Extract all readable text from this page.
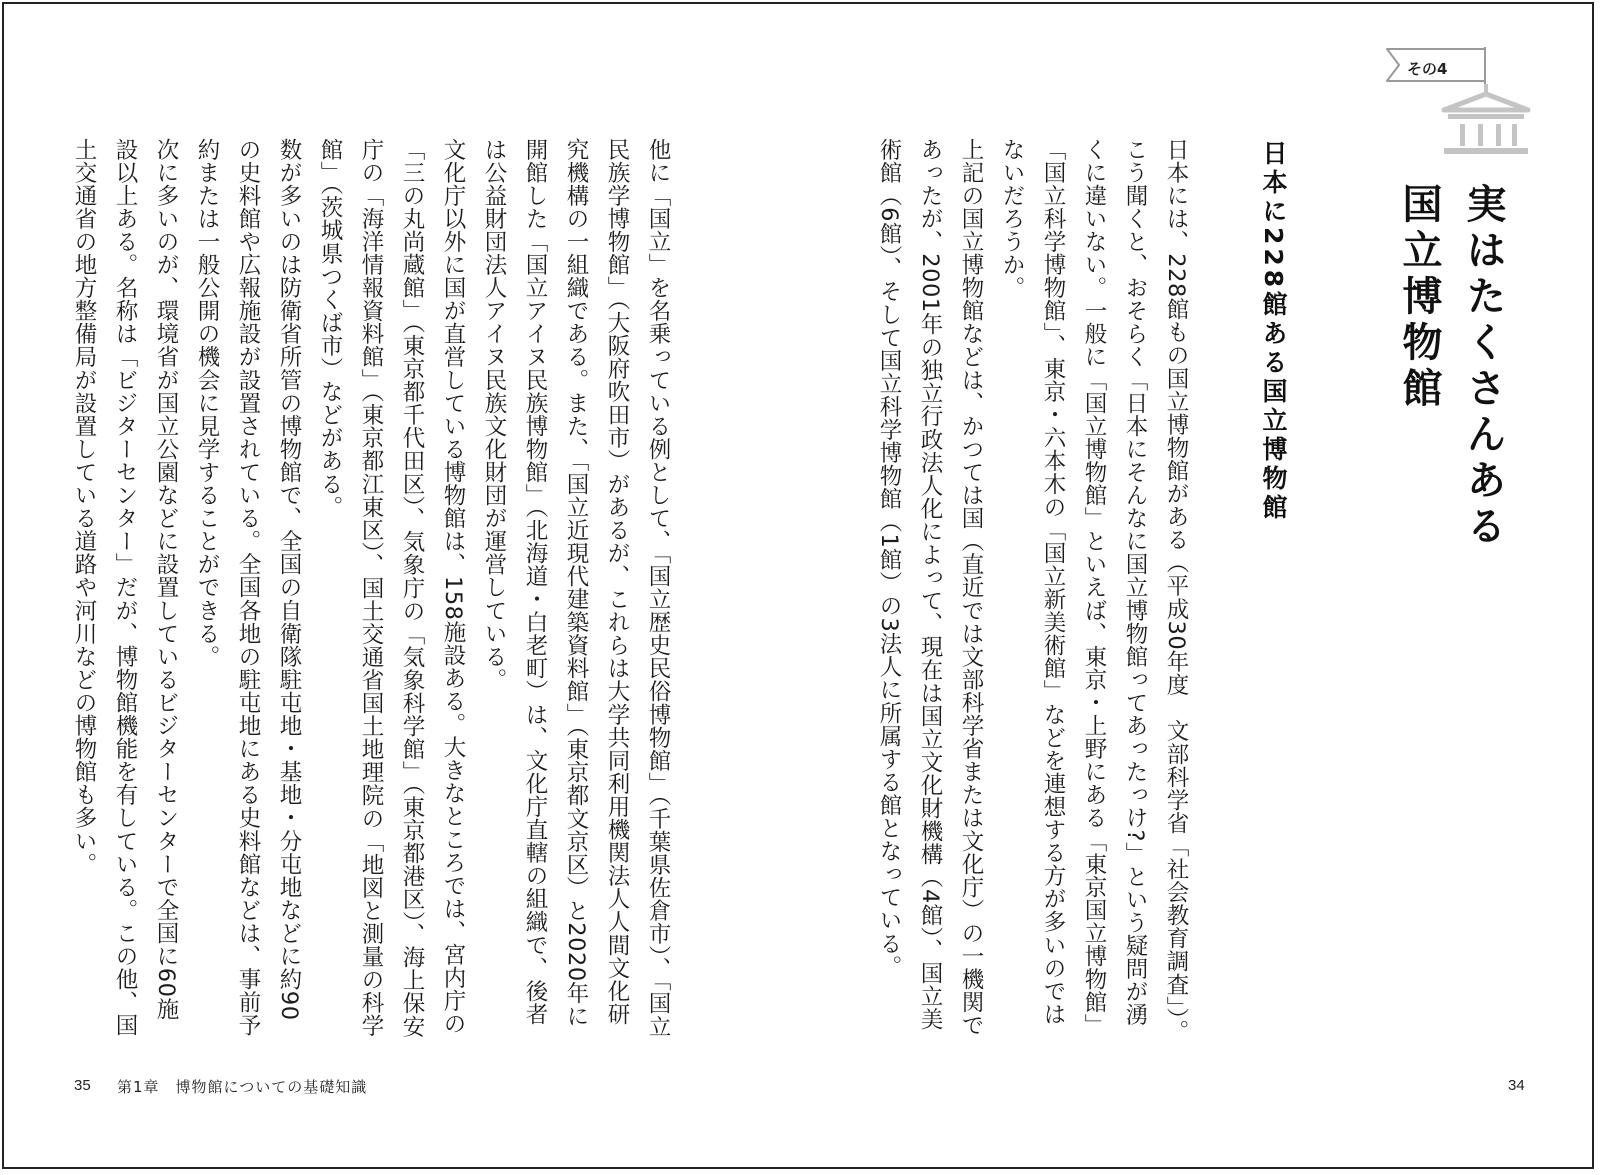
その4
実はたくさんある
国立博物館
日本に228館ある国立博物館
日本には、228館もの国立博物館がある（平成30年度　文部科学省「社会教育調査」）。こう聞くと、おそらく「日本にそんなに国立博物館ってあったっけ?」という疑問が湧くに違いない。一般に「国立博物館」といえば、東京・上野にある「東京国立博物館」「国立科学博物館」、東京・六本木の「国立新美術館」などを連想する方が多いのではないだろうか。
上記の国立博物館などは、かつては国（直近では文部科学省または文化庁）の一機関であったが、2001年の独立行政法人化によって、現在は国立文化財機構（4館）、国立美術館（6館）、そして国立科学博物館（1館）の3法人に所属する館となっている。
他に「国立」を名乗っている例として、「国立歴史民俗博物館」（千葉県佐倉市）、「国立民族学博物館」（大阪府吹田市）があるが、これらは大学共同利用機関法人人間文化研究機構の一組織である。また、「国立近現代建築資料館」（東京都文京区）と2020年に開館した「国立アイヌ民族博物館」（北海道・白老町）は、文化庁直轄の組織で、後者は公益財団法人アイヌ民族文化財団が運営している。
文化庁以外に国が直営している博物館は、158施設ある。大きなところでは、宮内庁の「三の丸尚蔵館」（東京都千代田区）、気象庁の「気象科学館」（東京都港区）、海上保安庁の「海洋情報資料館」（東京都江東区）、国土交通省国土地理院の「地図と測量の科学館」（茨城県つくば市）などがある。
数が多いのは防衛省所管の博物館で、全国の自衛隊駐屯地・基地・分屯地などに約90の史料館や広報施設が設置されている。全国各地の駐屯地にある史料館などは、事前予約または一般公開の機会に見学することができる。
次に多いのが、環境省が国立公園などに設置しているビジターセンターで全国に60施設以上ある。名称は「ビジターセンター」だが、博物館機能を有している。この他、国土交通省の地方整備局が設置している道路や河川などの博物館も多い。
35 第1章　博物館についての基礎知識	34
